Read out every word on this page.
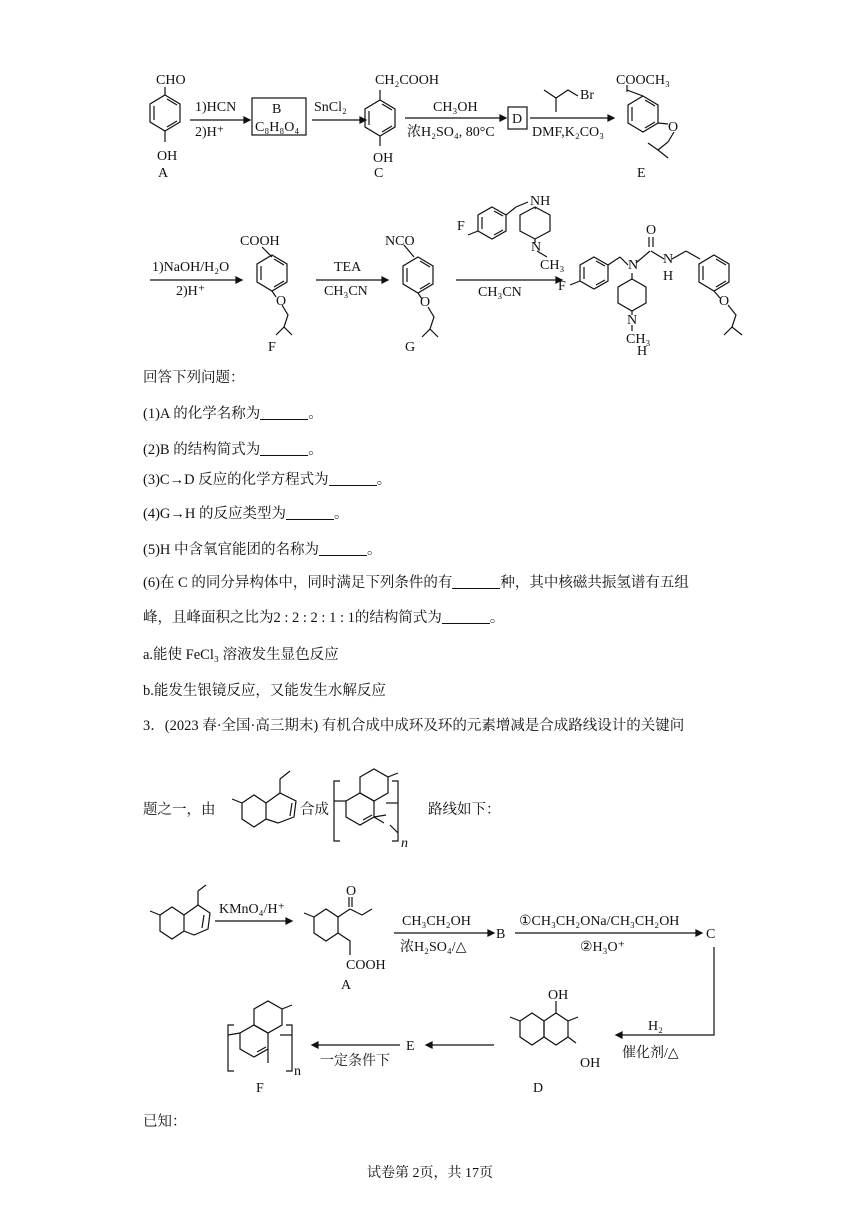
CHO
OH
A
1)HCN
2)H⁺
B
C₈H₈O₄
SnCl₂
CH₂COOH
OH
C
CH₃OH
浓H₂SO₄, 80°C
D
Br
DMF,K₂CO₃
COOCH₃
O
E
1)NaOH/H₂O
2)H⁺
COOH
O
F
TEA
CH₃CN
NCO
O
G
F
NH
N
CH₃
CH₃CN	F
N
O
N
H
N
CH₃
O
H
回答下列问题：
(1)A 的化学名称为	。
(2)B 的结构简式为	。
(3)C→D 反应的化学方程式为	。
(4)G→H 的反应类型为	。
(5)H 中含氧官能团的名称为	。
(6)在 C 的同分异构体中，同时满足下列条件的有	种，其中核磁共振氢谱有五组
峰，且峰面积之比为2 : 2 : 2 : 1 : 1的结构简式为	。
a.能使 FeCl₃ 溶液发生显色反应
b.能发生银镜反应，又能发生水解反应
3．(2023 春·全国·高三期末) 有机合成中成环及环的元素增减是合成路线设计的关键问
题之一，由	合成	路线如下：
n
KMnO₄/H⁺
O
COOH
A
CH₃CH₂OH
浓H₂SO₄/△
B
①CH₃CH₂ONa/CH₃CH₂OH
②H₃O⁺
C
H₂
催化剂/△
OH
OH
D
E
一定条件下
n
F
已知：
试卷第 2页，共 17页
